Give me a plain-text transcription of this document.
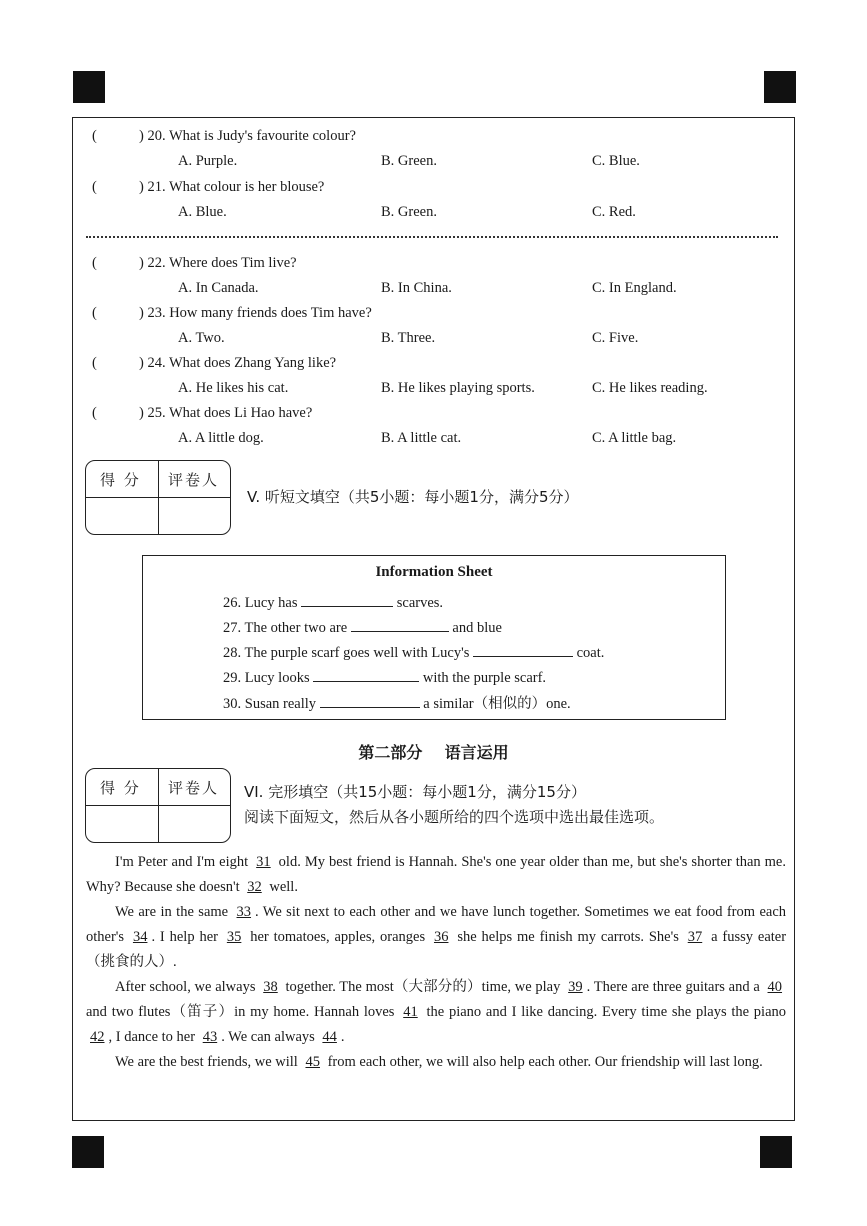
(	) 20. What is Judy's favourite colour?
A. Purple.	B. Green.	C. Blue.
(	) 21. What colour is her blouse?
A. Blue.	B. Green.	C. Red.
(	) 22. Where does Tim live?
A. In Canada.	B. In China.	C. In England.
(	) 23. How many friends does Tim have?
A. Two.	B. Three.	C. Five.
(	) 24. What does Zhang Yang like?
A. He likes his cat.	B. He likes playing sports.	C. He likes reading.
(	) 25. What does Li Hao have?
A. A little dog.	B. A little cat.	C. A little bag.
得 分 评卷人
V. 听短文填空（共5小题：每小题1分，满分5分）
Information Sheet
26. Lucy has	scarves.
27. The other two are	and blue
28. The purple scarf goes well with Lucy's	coat.
29. Lucy looks	with the purple scarf.
30. Susan really	a similar（相似的）one.
第二部分    语言运用
得 分 评卷人 VI. 完形填空（共15小题：每小题1分，满分15分）
阅读下面短文，然后从各小题所给的四个选项中选出最佳选项。

I'm Peter and I'm eight 31 old. My best friend is Hannah. She's one year older than me, but she's shorter than me. Why? Because she doesn't 32 well.

We are in the same 33 . We sit next to each other and we have lunch together. Sometimes we eat food from each other's 34 . I help her 35 her tomatoes, apples, oranges 36 she helps me finish my carrots. She's 37 a fussy eater（挑食的人）.

After school, we always 38 together. The most（大部分的）time, we play 39 . There are three guitars and a 40 and two flutes（笛子）in my home. Hannah loves 41 the piano and I like dancing. Every time she plays the piano 42 , I dance to her 43 . We can always 44 .

We are the best friends, we will 45 from each other, we will also help each other. Our friendship will last long.
